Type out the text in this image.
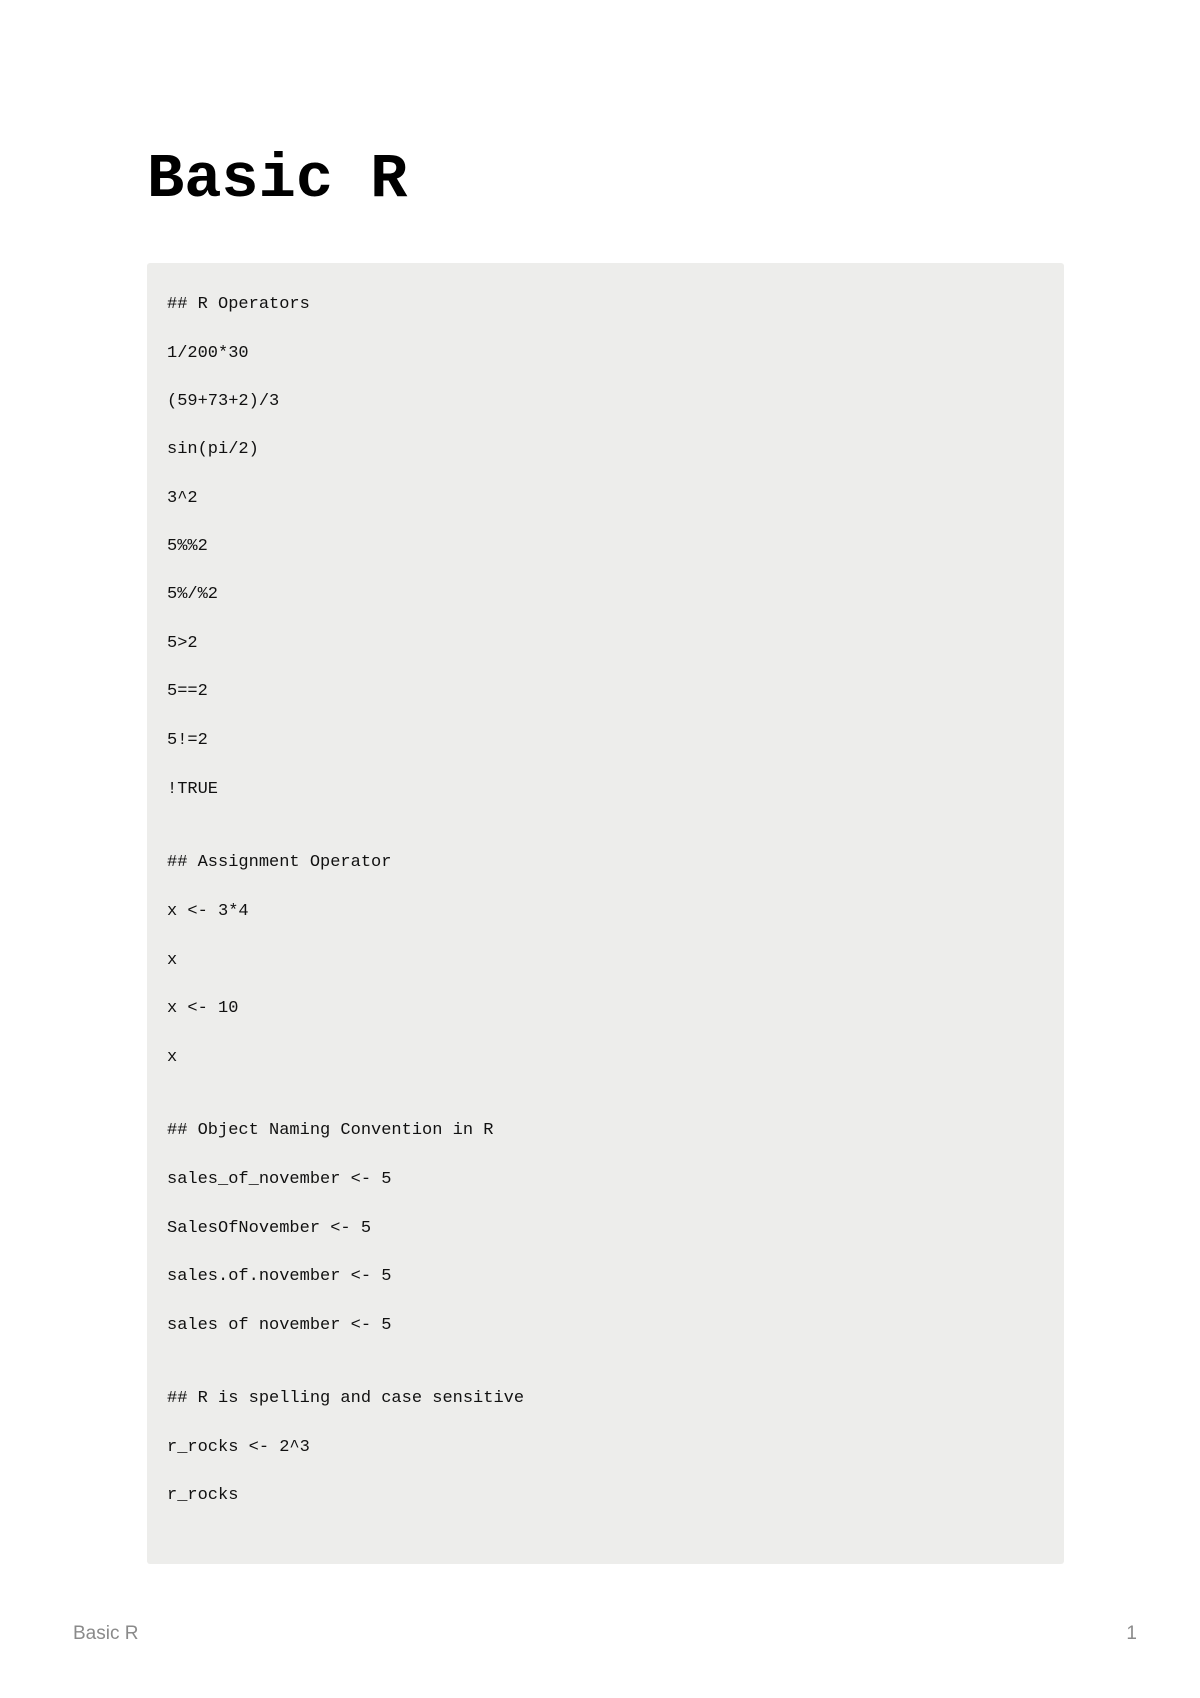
Basic R

## R Operators

1/200*30

(59+73+2)/3

sin(pi/2)

3^2

5%%2

5%/%2

5>2

5==2

5!=2

!TRUE

## Assignment Operator

x <- 3*4

x

x <- 10

x

## Object Naming Convention in R

sales_of_november <- 5

SalesOfNovember <- 5

sales.of.november <- 5

sales of november <- 5

## R is spelling and case sensitive

r_rocks <- 2^3

r_rocks

Basic R	1
